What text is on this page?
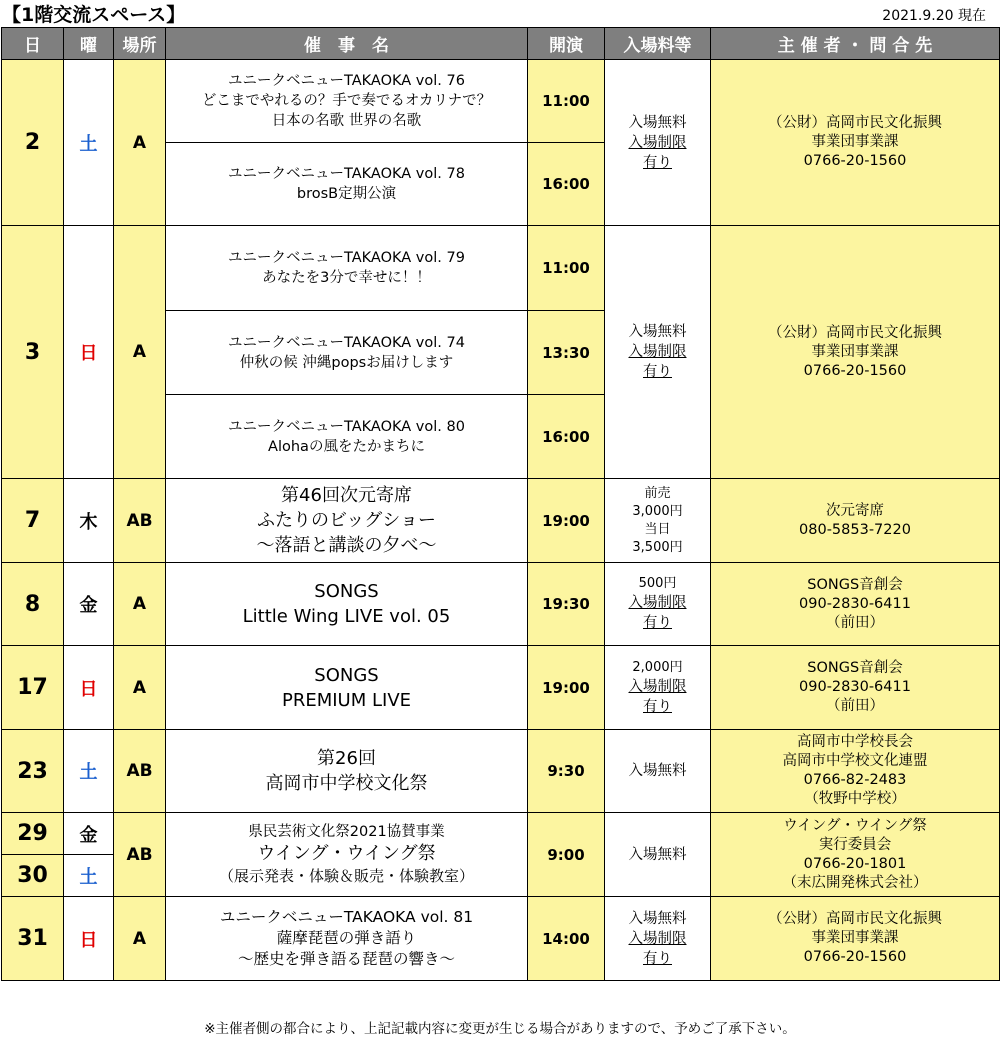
【1階交流スペース】	2021.9.20 現在
日	曜	場所	催　事　名	開演	入場料等	主 催 者 ・ 問 合 先
2	土	A	ユニークベニューTAKAOKA vol. 76
どこまでやれるの？手で奏でるオカリナで？
日本の名歌 世界の名歌	11:00	入場無料
入場制限
有り	（公財）高岡市民文化振興
事業団事業課
0766-20-1560

			ユニークベニューTAKAOKA vol. 78
brosB定期公演	16:00		
3	日	A	ユニークベニューTAKAOKA vol. 79
あなたを3分で幸せに！！	11:00	入場無料
入場制限
有り	（公財）高岡市民文化振興
事業団事業課
0766-20-1560

			ユニークベニューTAKAOKA vol. 74
仲秋の候 沖縄popsお届けします	13:30		

			ユニークベニューTAKAOKA vol. 80
Alohaの風をたかまちに	16:00		
7	木	AB	第46回次元寄席
ふたりのビッグショー
～落語と講談の夕べ～	19:00	前売
3,000円
当日
3,500円	次元寄席
080-5853-7220

8	金	A	SONGS
Little Wing LIVE vol. 05	19:30	500円
入場制限
有り	SONGS音創会
090-2830-6411
（前田）

17	日	A	SONGS
PREMIUM LIVE	19:00	2,000円
入場制限
有り	SONGS音創会
090-2830-6411
（前田）

23	土	AB	第26回
高岡市中学校文化祭	9:30	入場無料	高岡市中学校長会
高岡市中学校文化連盟
0766-82-2483
（牧野中学校）

29	金	AB	県民芸術文化祭2021協賛事業
ウイング・ウイング祭
（展示発表・体験＆販売・体験教室）	9:00	入場無料	ウイング・ウイング祭
実行委員会
0766-20-1801
（末広開発株式会社）

30	土					
31	日	A	ユニークベニューTAKAOKA vol. 81
薩摩琵琶の弾き語り
～歴史を弾き語る琵琶の響き～	14:00	入場無料
入場制限
有り	（公財）高岡市民文化振興
事業団事業課
0766-20-1560
※主催者側の都合により、上記記載内容に変更が生じる場合がありますので、予めご了承下さい。
